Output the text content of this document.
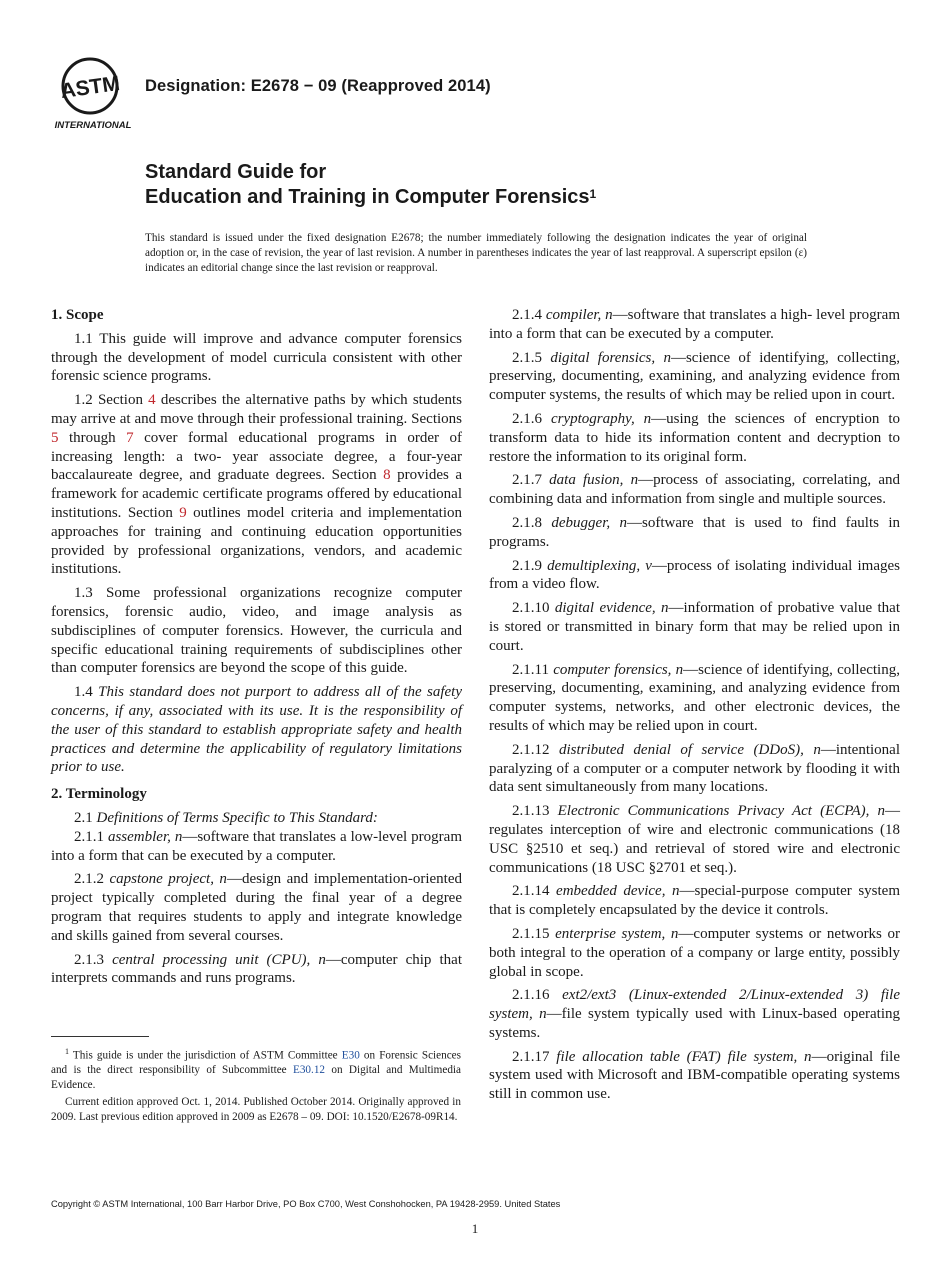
ASTM
INTERNATIONAL
Designation: E2678 − 09 (Reapproved 2014)
Standard Guide for
Education and Training in Computer Forensics$^1$
This standard is issued under the fixed designation E2678; the number immediately following the designation indicates the year of original adoption or, in the case of revision, the year of last revision. A number in parentheses indicates the year of last reapproval. A superscript epsilon (ε) indicates an editorial change since the last revision or reapproval.
1. Scope

1.1 This guide will improve and advance computer forensics through the development of model curricula consistent with other forensic science programs.

1.2 Section 4 describes the alternative paths by which students may arrive at and move through their professional training. Sections 5 through 7 cover formal educational programs in order of increasing length: a two- year associate degree, a four-year baccalaureate degree, and graduate degrees. Section 8 provides a framework for academic certificate programs offered by educational institutions. Section 9 outlines model criteria and implementation approaches for training and continuing education opportunities provided by professional organizations, vendors, and academic institutions.

1.3 Some professional organizations recognize computer forensics, forensic audio, video, and image analysis as subdisciplines of computer forensics. However, the curricula and specific educational training requirements of subdisciplines other than computer forensics are beyond the scope of this guide.

1.4 This standard does not purport to address all of the safety concerns, if any, associated with its use. It is the responsibility of the user of this standard to establish appropriate safety and health practices and determine the applicability of regulatory limitations prior to use.

2. Terminology

2.1 Definitions of Terms Specific to This Standard:

2.1.1 assembler, n—software that translates a low-level program into a form that can be executed by a computer.

2.1.2 capstone project, n—design and implementation-oriented project typically completed during the final year of a degree program that requires students to apply and integrate knowledge and skills gained from several courses.

2.1.3 central processing unit (CPU), n—computer chip that interprets commands and runs programs.

2.1.4 compiler, n—software that translates a high- level program into a form that can be executed by a computer.

2.1.5 digital forensics, n—science of identifying, collecting, preserving, documenting, examining, and analyzing evidence from computer systems, the results of which may be relied upon in court.

2.1.6 cryptography, n—using the sciences of encryption to transform data to hide its information content and decryption to restore the information to its original form.

2.1.7 data fusion, n—process of associating, correlating, and combining data and information from single and multiple sources.

2.1.8 debugger, n—software that is used to find faults in programs.

2.1.9 demultiplexing, v—process of isolating individual images from a video flow.

2.1.10 digital evidence, n—information of probative value that is stored or transmitted in binary form that may be relied upon in court.

2.1.11 computer forensics, n—science of identifying, collecting, preserving, documenting, examining, and analyzing evidence from computer systems, networks, and other electronic devices, the results of which may be relied upon in court.

2.1.12 distributed denial of service (DDoS), n—intentional paralyzing of a computer or a computer network by flooding it with data sent simultaneously from many locations.

2.1.13 Electronic Communications Privacy Act (ECPA), n—regulates interception of wire and electronic communications (18 USC §2510 et seq.) and retrieval of stored wire and electronic communications (18 USC §2701 et seq.).

2.1.14 embedded device, n—special-purpose computer system that is completely encapsulated by the device it controls.

2.1.15 enterprise system, n—computer systems or networks or both integral to the operation of a company or large entity, possibly global in scope.

2.1.16 ext2/ext3 (Linux-extended 2/Linux-extended 3) file system, n—file system typically used with Linux-based operating systems.

2.1.17 file allocation table (FAT) file system, n—original file system used with Microsoft and IBM-compatible operating systems still in common use.

$^1$ This guide is under the jurisdiction of ASTM Committee E30 on Forensic Sciences and is the direct responsibility of Subcommittee E30.12 on Digital and Multimedia Evidence.

Current edition approved Oct. 1, 2014. Published October 2014. Originally approved in 2009. Last previous edition approved in 2009 as E2678 – 09. DOI: 10.1520/E2678-09R14.

Copyright © ASTM International, 100 Barr Harbor Drive, PO Box C700, West Conshohocken, PA 19428-2959. United States
1
